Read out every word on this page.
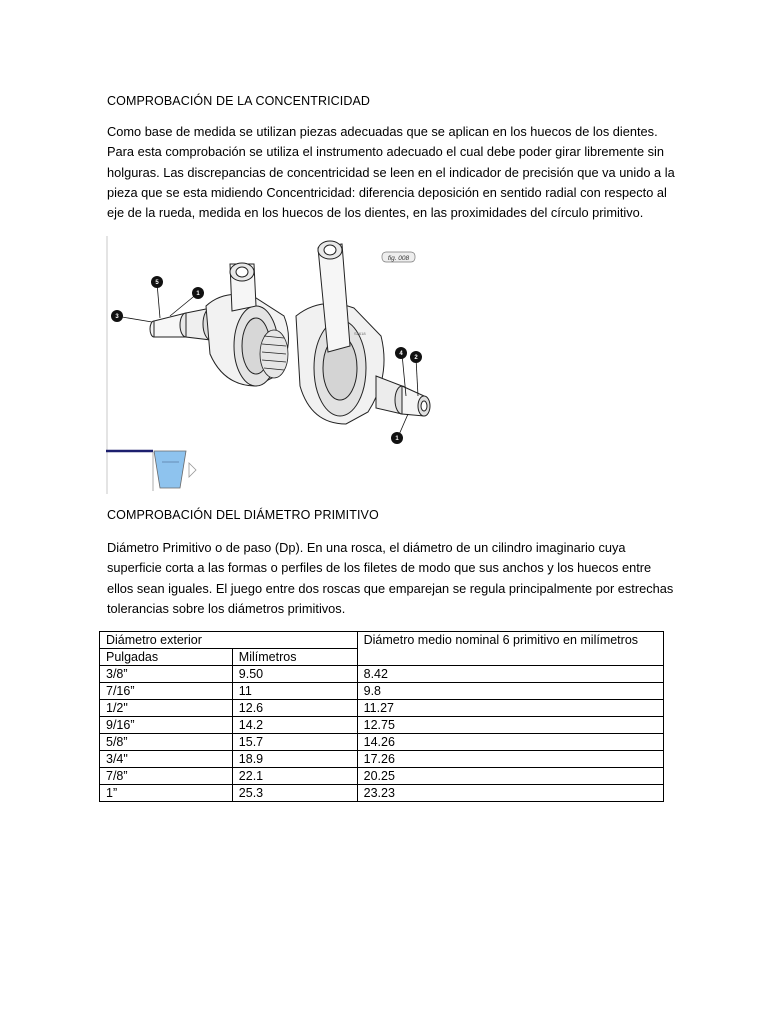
COMPROBACIÓN DE LA CONCENTRICIDAD
Como base de medida se utilizan piezas adecuadas que se aplican en los huecos de los dientes.
Para esta comprobación se utiliza el instrumento adecuado el cual debe poder girar libremente sin
holguras. Las discrepancias de concentricidad se leen en el indicador de precisión que va unido a la
pieza que se esta midiendo Concentricidad: diferencia deposición en sentido radial con respecto al
eje de la rueda, medida en los huecos de los dientes, en las proximidades del círculo primitivo.
fig. 008
S2618
3
5
1
4
2
1
COMPROBACIÓN DEL DIÁMETRO PRIMITIVO
Diámetro Primitivo o de paso (Dp). En una rosca, el diámetro de un cilindro imaginario cuya
superficie corta a las formas o perfiles de los filetes de modo que sus anchos y los huecos entre
ellos sean iguales. El juego entre dos roscas que emparejan se regula principalmente por estrechas
tolerancias sobre los diámetros primitivos.
Diámetro exterior		Diámetro medio nominal 6 primitivo en milímetros
Pulgadas	Milímetros	
3/8”	9.50	8.42
7/16”	11	9.8
1/2"	12.6	11.27
9/16”	14.2	12.75
5/8”	15.7	14.26
3/4"	18.9	17.26
7/8”	22.1	20.25
1”	25.3	23.23
